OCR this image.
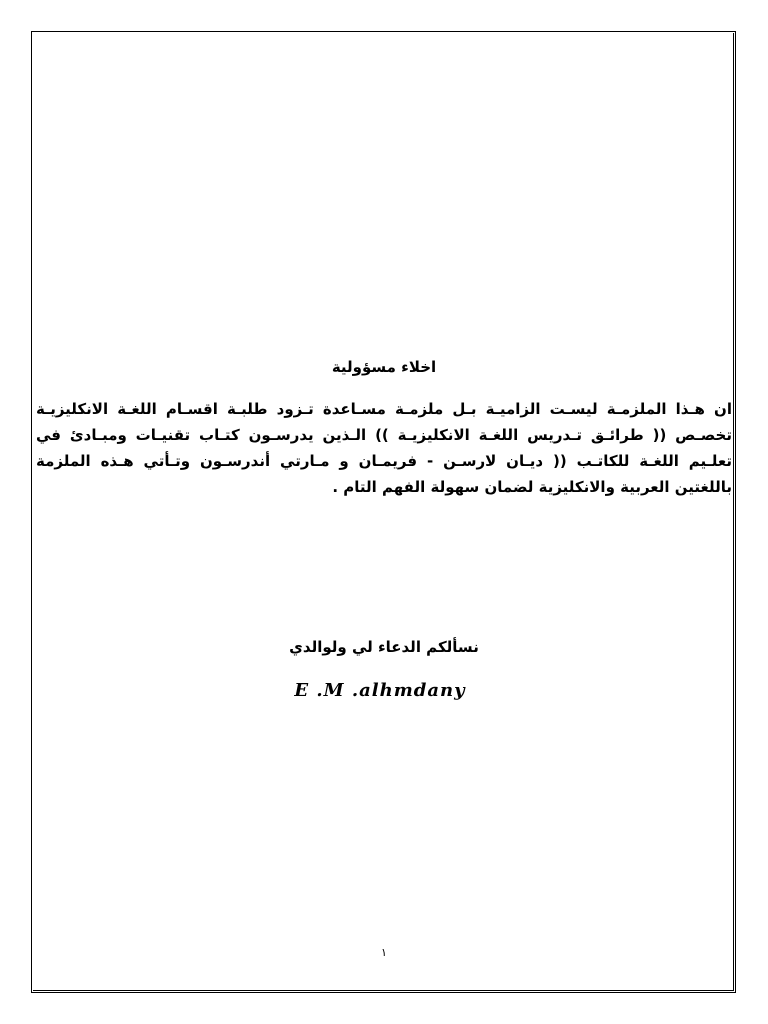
اخلاء مسؤولية
ان هـذا الملزمـة ليسـت الزاميـة بـل ملزمـة مسـاعدة تـزود طلبـة اقسـام اللغـة الانكليزيـة تخصـص (( طرائـق تـدريس اللغـة الانكليزيـة )) الـذين يدرسـون كتـاب تقنيـات ومبـادئ في تعلـيم اللغـة للكاتـب (( ديـان لارسـن - فريمـان و مـارتي أندرسـون وتـأتي هـذه الملزمة باللغتين العربية والانكليزية لضمان سهولة الفهم التام .
نسألكم الدعاء لي ولوالدي
E .M .alhmdany
١
